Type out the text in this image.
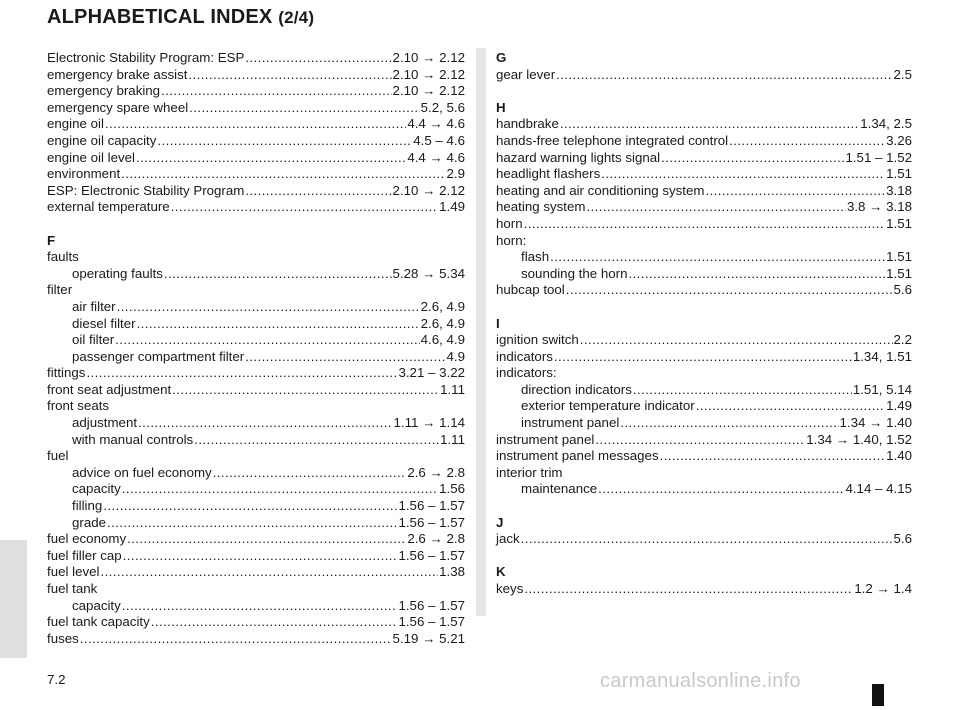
ALPHABETICAL INDEX (2/4)
Electronic Stability Program: ESP .....	2.10 → 2.12
emergency brake assist .....	2.10 → 2.12
emergency braking .....	2.10 → 2.12
emergency spare wheel .....	5.2, 5.6
engine oil .....	4.4 → 4.6
engine oil capacity .....	4.5 – 4.6
engine oil level .....	4.4 → 4.6
environment .....	2.9
ESP: Electronic Stability Program .....	2.10 → 2.12
external temperature .....	1.49
F
faults
operating faults .....	5.28 → 5.34
filter
air filter .....	2.6, 4.9
diesel filter .....	2.6, 4.9
oil filter .....	4.6, 4.9
passenger compartment filter .....	4.9
fittings .....	3.21 – 3.22
front seat adjustment .....	1.11
front seats
adjustment .....	1.11 → 1.14
with manual controls .....	1.11
fuel
advice on fuel economy .....	2.6 → 2.8
capacity .....	1.56
filling .....	1.56 – 1.57
grade .....	1.56 – 1.57
fuel economy .....	2.6 → 2.8
fuel filler cap .....	1.56 – 1.57
fuel level .....	1.38
fuel tank
capacity .....	1.56 – 1.57
fuel tank capacity .....	1.56 – 1.57
fuses .....	5.19 → 5.21
G
gear lever .....	2.5
H
handbrake .....	1.34, 2.5
hands-free telephone integrated control .....	3.26
hazard warning lights signal .....	1.51 – 1.52
headlight flashers .....	1.51
heating and air conditioning system .....	3.18
heating system .....	3.8 → 3.18
horn .....	1.51
horn:
flash .....	1.51
sounding the horn .....	1.51
hubcap tool .....	5.6
I
ignition switch .....	2.2
indicators .....	1.34, 1.51
indicators:
direction indicators .....	1.51, 5.14
exterior temperature indicator .....	1.49
instrument panel .....	1.34 → 1.40
instrument panel .....	1.34 → 1.40, 1.52
instrument panel messages .....	1.40
interior trim
maintenance .....	4.14 – 4.15
J
jack .....	5.6
K
keys .....	1.2 → 1.4
7.2	carmanualsonline.info
